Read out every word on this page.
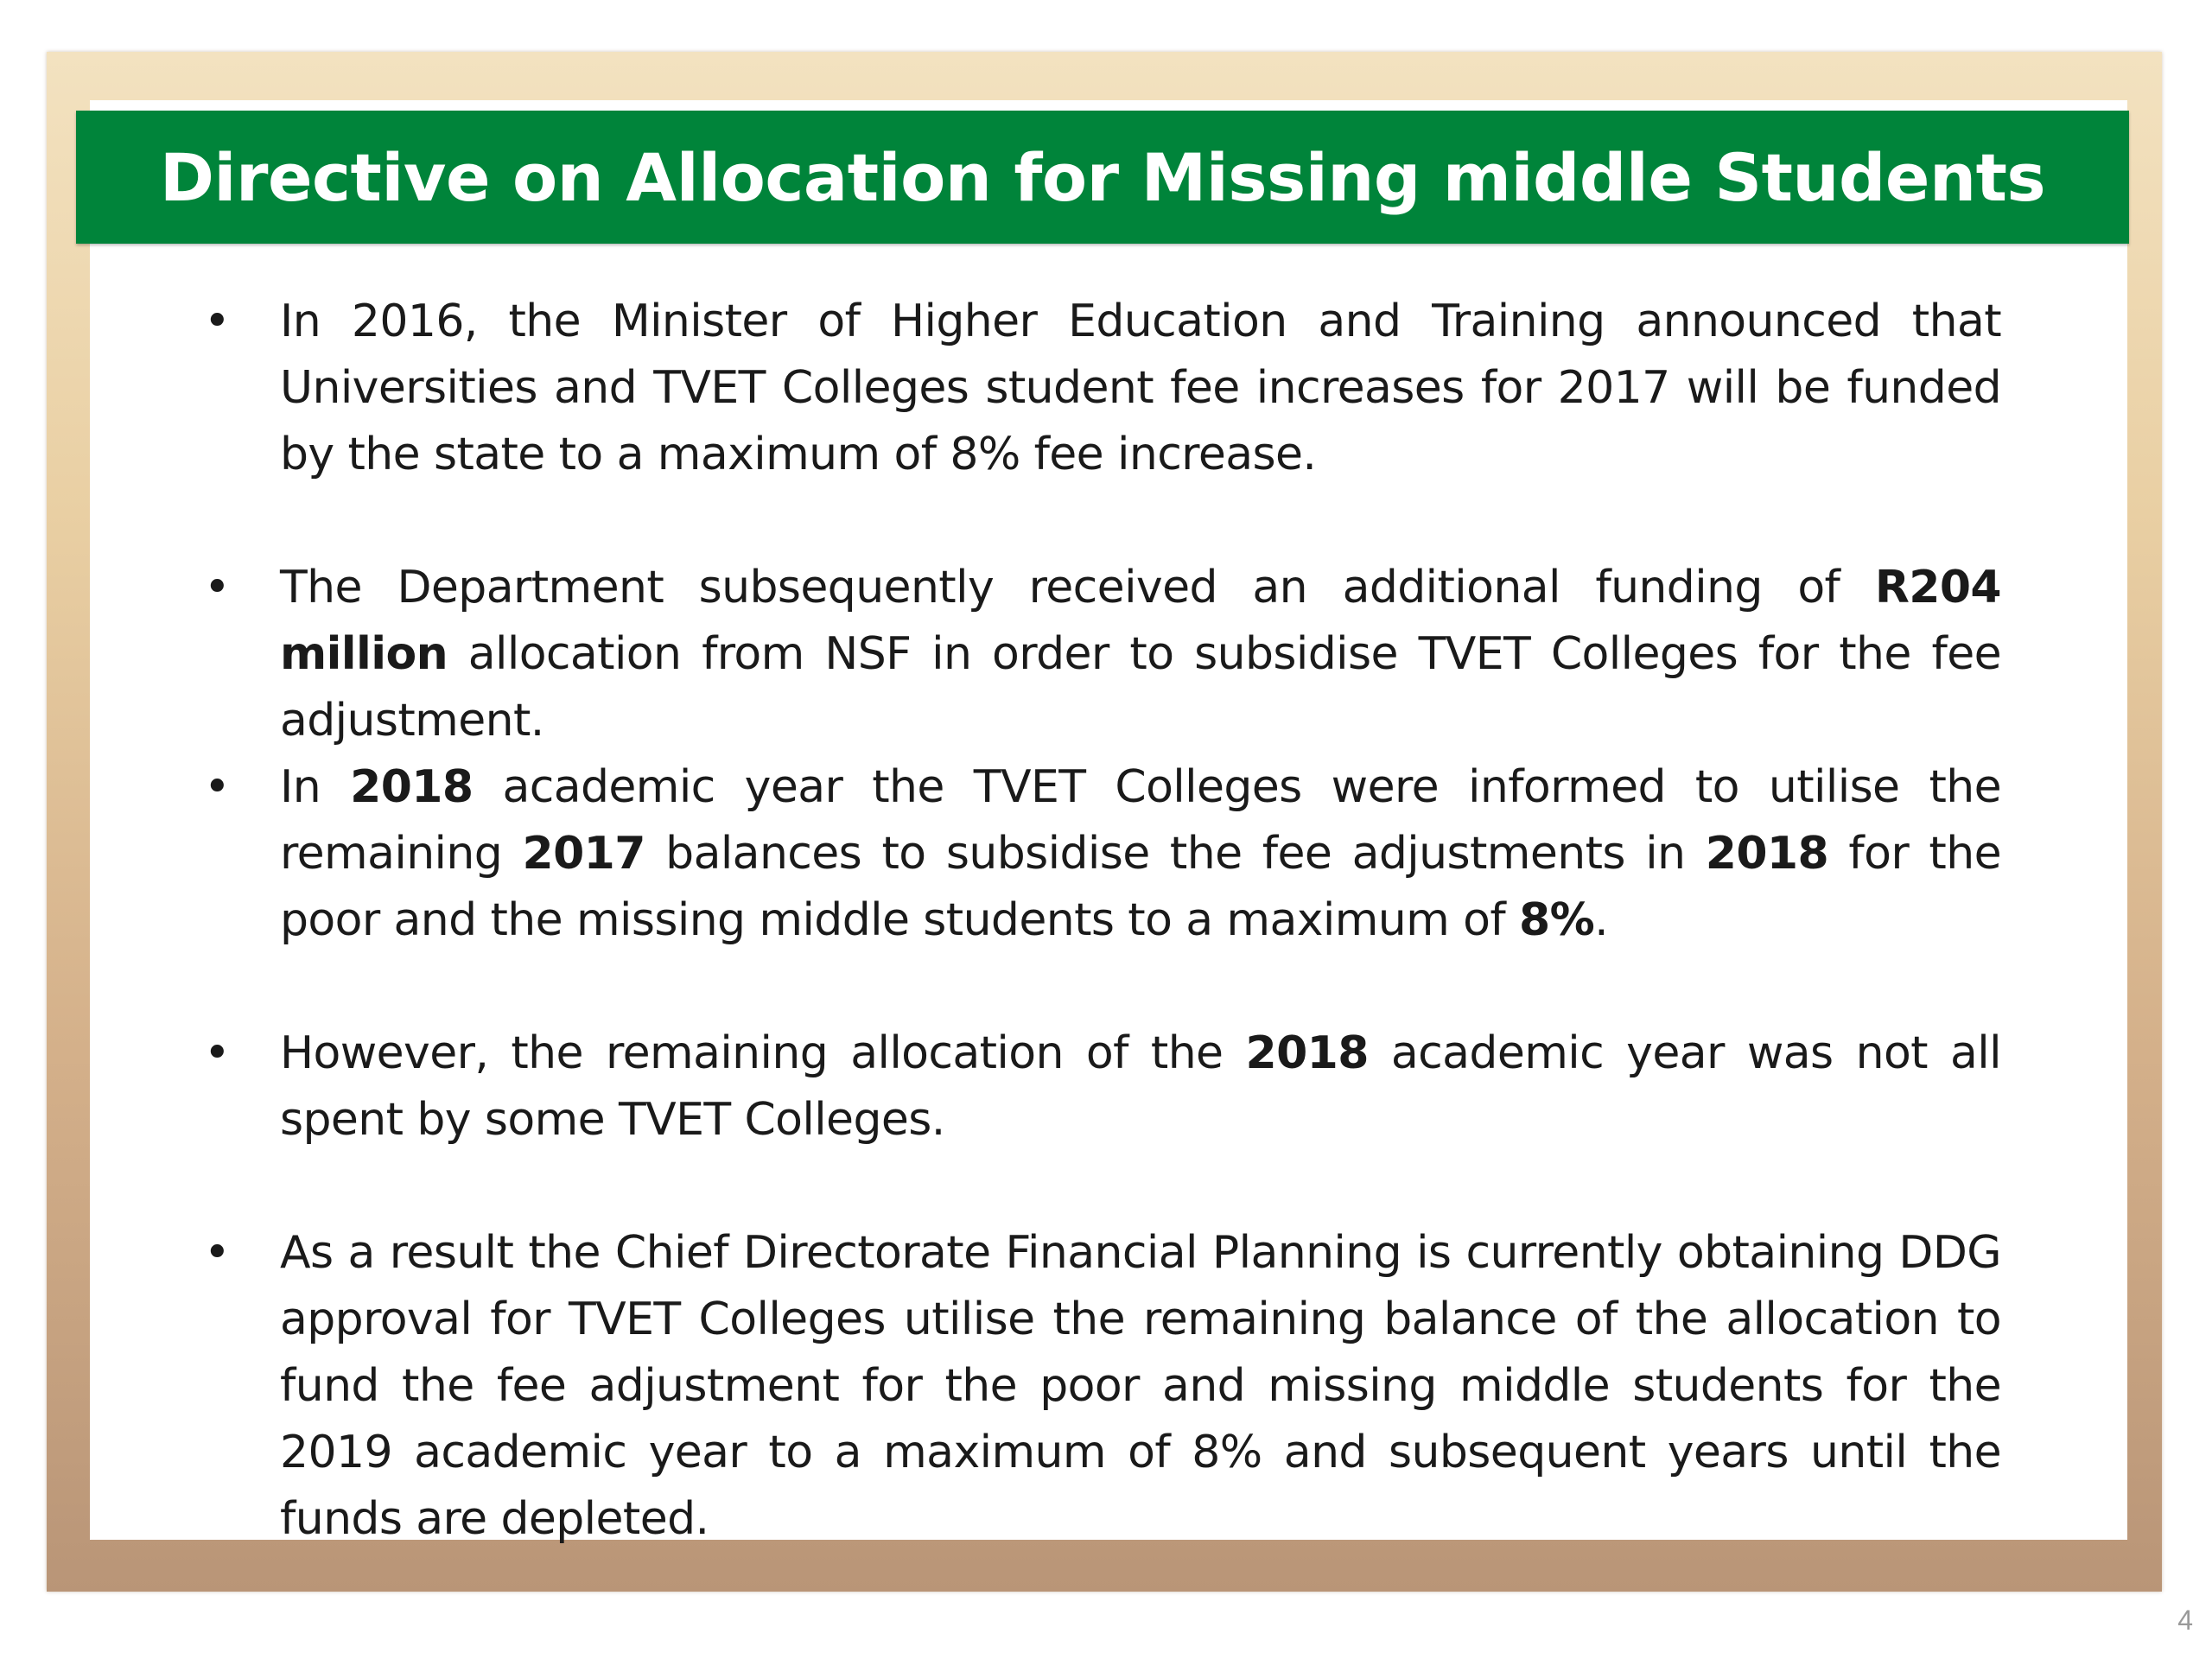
Directive on Allocation for Missing middle Students
•	In 2016, the Minister of Higher Education and Training announced that Universities and TVET Colleges student fee increases for 2017 will be funded by the state to a maximum of 8% fee increase.
•	The Department subsequently received an additional funding of R204 million allocation from NSF in order to subsidise TVET Colleges for the fee adjustment.
•	In 2018 academic year the TVET Colleges were informed to utilise the remaining 2017 balances to subsidise the fee adjustments in 2018 for the poor and the missing middle students to a maximum of 8%.
•	However, the remaining allocation of the 2018 academic year was not all spent by some TVET Colleges.
•	As a result the Chief Directorate Financial Planning is currently obtaining DDG approval for TVET Colleges utilise the remaining balance of the allocation to fund the fee adjustment for the poor and missing middle students for the 2019 academic year to a maximum of 8% and subsequent years until the funds are depleted.
4
